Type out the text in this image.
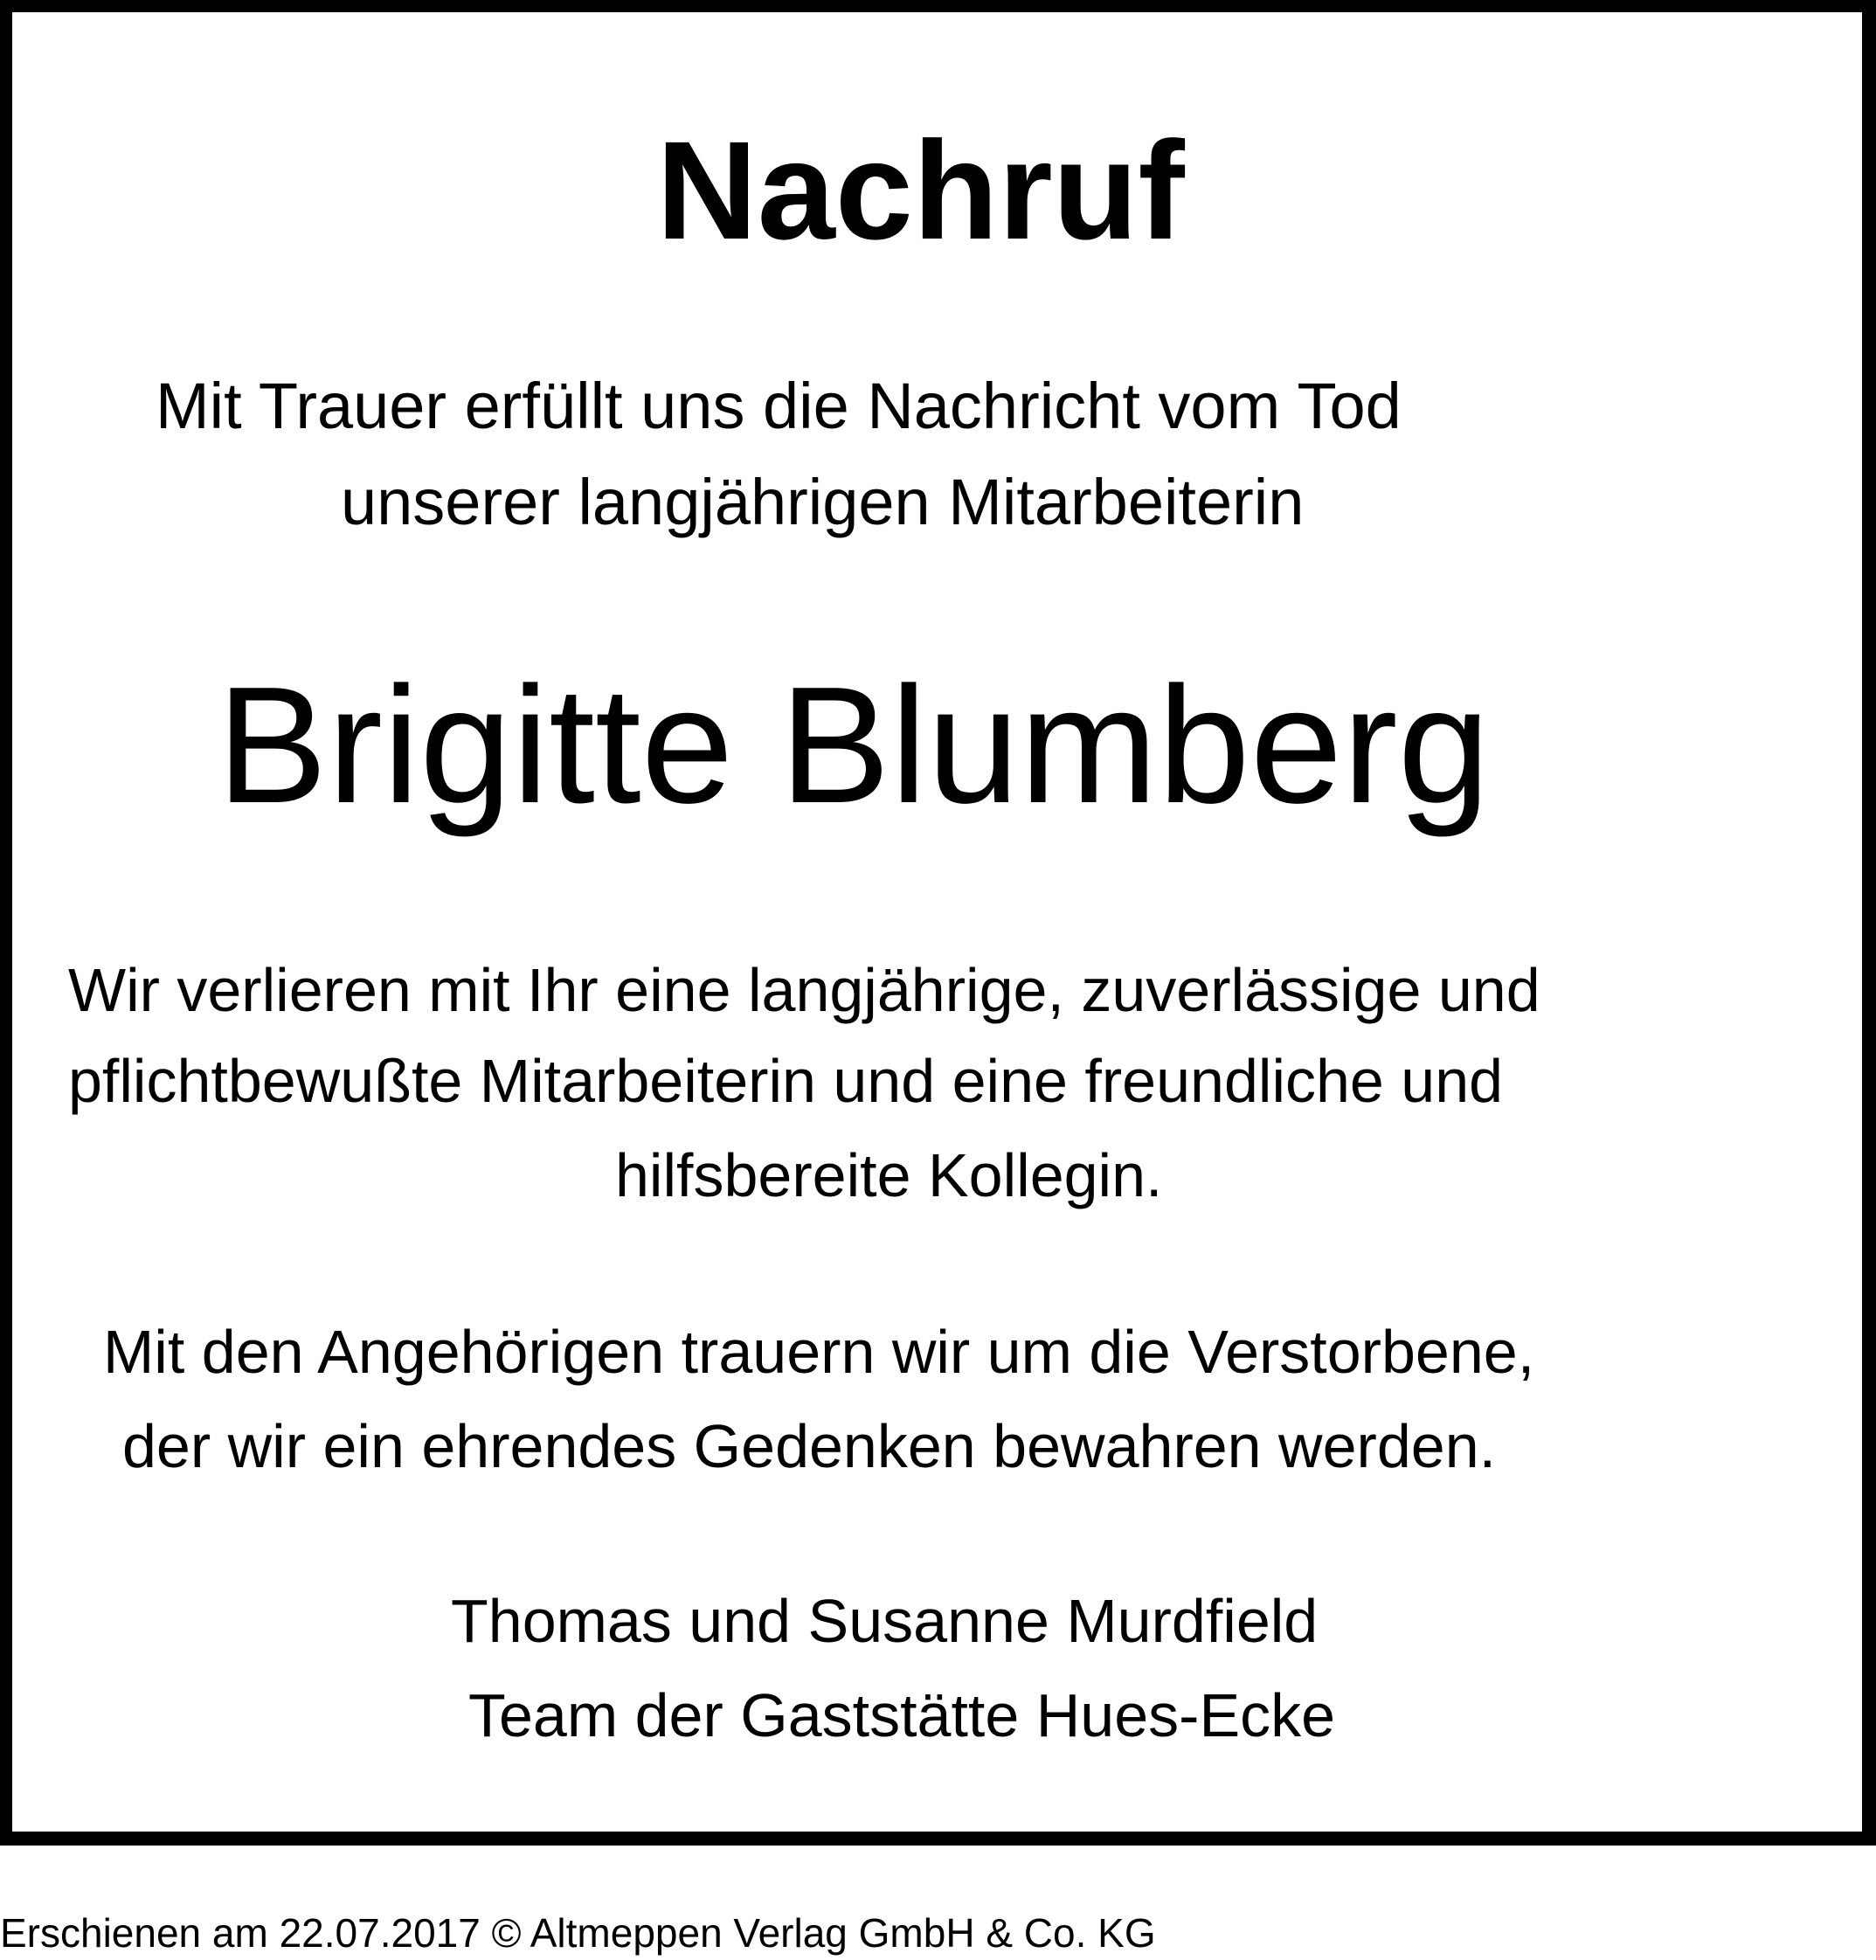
Nachruf
Mit Trauer erfüllt uns die Nachricht vom Tod
unserer langjährigen Mitarbeiterin
Brigitte Blumberg
Wir verlieren mit Ihr eine langjährige, zuverlässige und
pflichtbewußte Mitarbeiterin und eine freundliche und
hilfsbereite Kollegin.
Mit den Angehörigen trauern wir um die Verstorbene,
der wir ein ehrendes Gedenken bewahren werden.
Thomas und Susanne Murdfield
Team der Gaststätte Hues-Ecke
Erschienen am 22.07.2017 © Altmeppen Verlag GmbH & Co. KG
